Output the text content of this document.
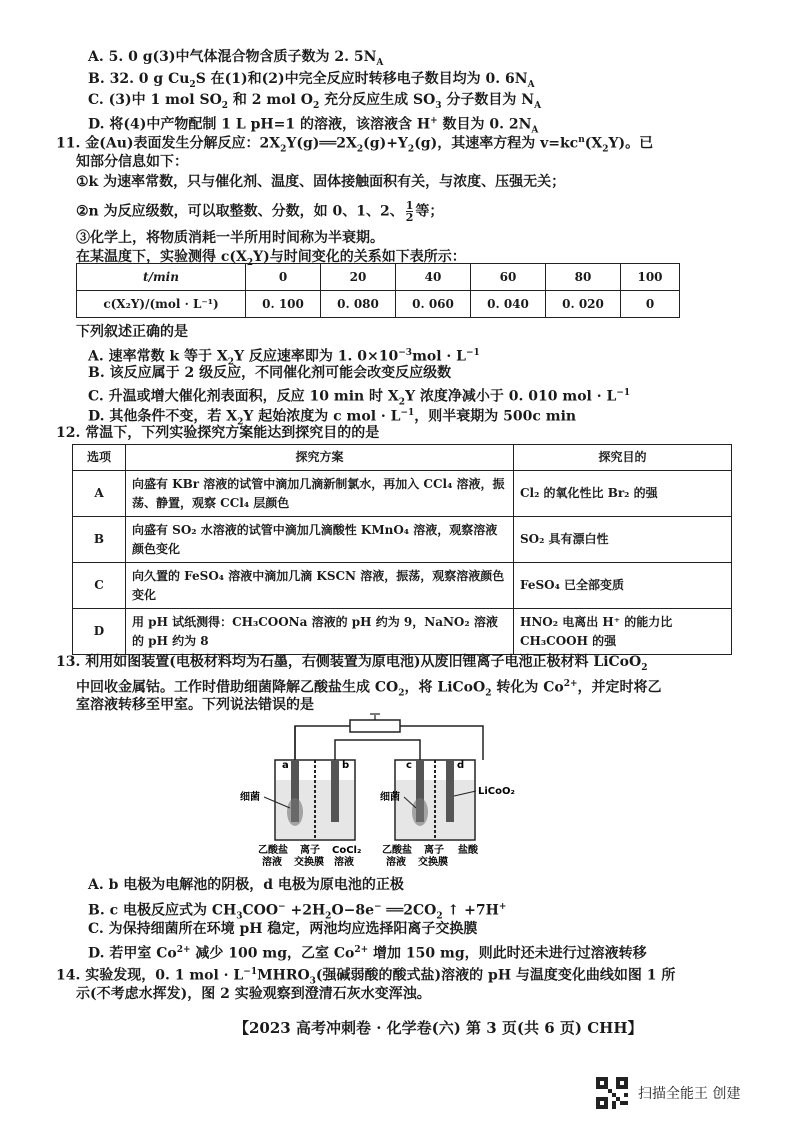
A. 5. 0 g(3)中气体混合物含质子数为 2. $5N_A$
B. 32. 0 g $Cu_2S$ 在(1)和(2)中完全反应时转移电子数目均为 0. $6N_A$
C. (3)中 1 mol $SO_2$ 和 2 mol $O_2$ 充分反应生成 $SO_3$ 分子数目为 $N_A$
D. 将(4)中产物配制 1 L pH=1 的溶液，该溶液含 H+ 数目为 0. $2N_A$
11. 金(Au)表面发生分解反应：$2X_2Y(g)══2X_2(g)+Y_2(g)$，其速率方程为 $v=kc^n(X_2Y)$。已
知部分信息如下：
①k 为速率常数，只与催化剂、温度、固体接触面积有关，与浓度、压强无关；
②n 为反应级数，可以取整数、分数，如 0、1、2、 $\frac{1}{2}$ 等；
③化学上，将物质消耗一半所用时间称为半衰期。
在某温度下，实验测得 $c(X_2Y)$与时间变化的关系如下表所示：
t/min	0	20	40	60	80	100
c(X₂Y)/(mol · L⁻¹)	0. 100	0. 080	0. 060	0. 040	0. 020	0
下列叙述正确的是
A. 速率常数 k 等于 $X_2Y$ 反应速率即为 1. $0\times 10^{-3}mol \cdot L^{-1}$
B. 该反应属于 2 级反应，不同催化剂可能会改变反应级数
C. 升温或增大催化剂表面积，反应 10 min 时 $X_2Y$ 浓度净减小于 0. 010 mol · $L^{-1}$
D. 其他条件不变，若 $X_2Y$ 起始浓度为 c mol · $L^{-1}$，则半衰期为 500c min
12. 常温下，下列实验探究方案能达到探究目的的是
选项	探究方案	探究目的
A	向盛有 KBr 溶液的试管中滴加几滴新制氯水，再加入 CCl₄ 溶液，振荡、静置，观察 CCl₄ 层颜色	Cl₂ 的氧化性比 Br₂ 的强
B	向盛有 SO₂ 水溶液的试管中滴加几滴酸性 KMnO₄ 溶液，观察溶液颜色变化	SO₂ 具有漂白性
C	向久置的 FeSO₄ 溶液中滴加几滴 KSCN 溶液，振荡，观察溶液颜色变化	FeSO₄ 已全部变质
D	用 pH 试纸测得：CH₃COONa 溶液的 pH 约为 9，NaNO₂ 溶液的 pH 约为 8	HNO₂ 电离出 H⁺ 的能力比 CH₃COOH 的强
13. 利用如图装置(电极材料均为石墨，右侧装置为原电池)从废旧锂离子电池正极材料 LiCoO$_2$
中回收金属钴。工作时借助细菌降解乙酸盐生成 $CO_2$，将 LiCoO$_2$ 转化为 $Co^{2+}$，并定时将乙
室溶液转移至甲室。下列说法错误的是
a	b	c	d
细菌	细菌
LiCoO₂
乙酸盐
溶液
离子
交换膜
CoCl₂
溶液
乙酸盐
溶液
离子
交换膜
盐酸
A. b 电极为电解池的阴极，d 电极为原电池的正极
B. c 电极反应式为 $CH_3COO^- +2H_2O-8e^-$ $══2CO_2$ ↑ +7H+
C. 为保持细菌所在环境 pH 稳定，两池均应选择阳离子交换膜
D. 若甲室 $Co^{2+}$ 减少 100 mg，乙室 $Co^{2+}$ 增加 150 mg，则此时还未进行过溶液转移
14. 实验发现，0. 1 mol · $L^{-1}MHRO_3$(强碱弱酸的酸式盐)溶液的 pH 与温度变化曲线如图 1 所
示(不考虑水挥发)，图 2 实验观察到澄清石灰水变浑浊。
【2023 高考冲刺卷 · 化学卷(六) 第 3 页(共 6 页) CHH】
扫描全能王 创建
